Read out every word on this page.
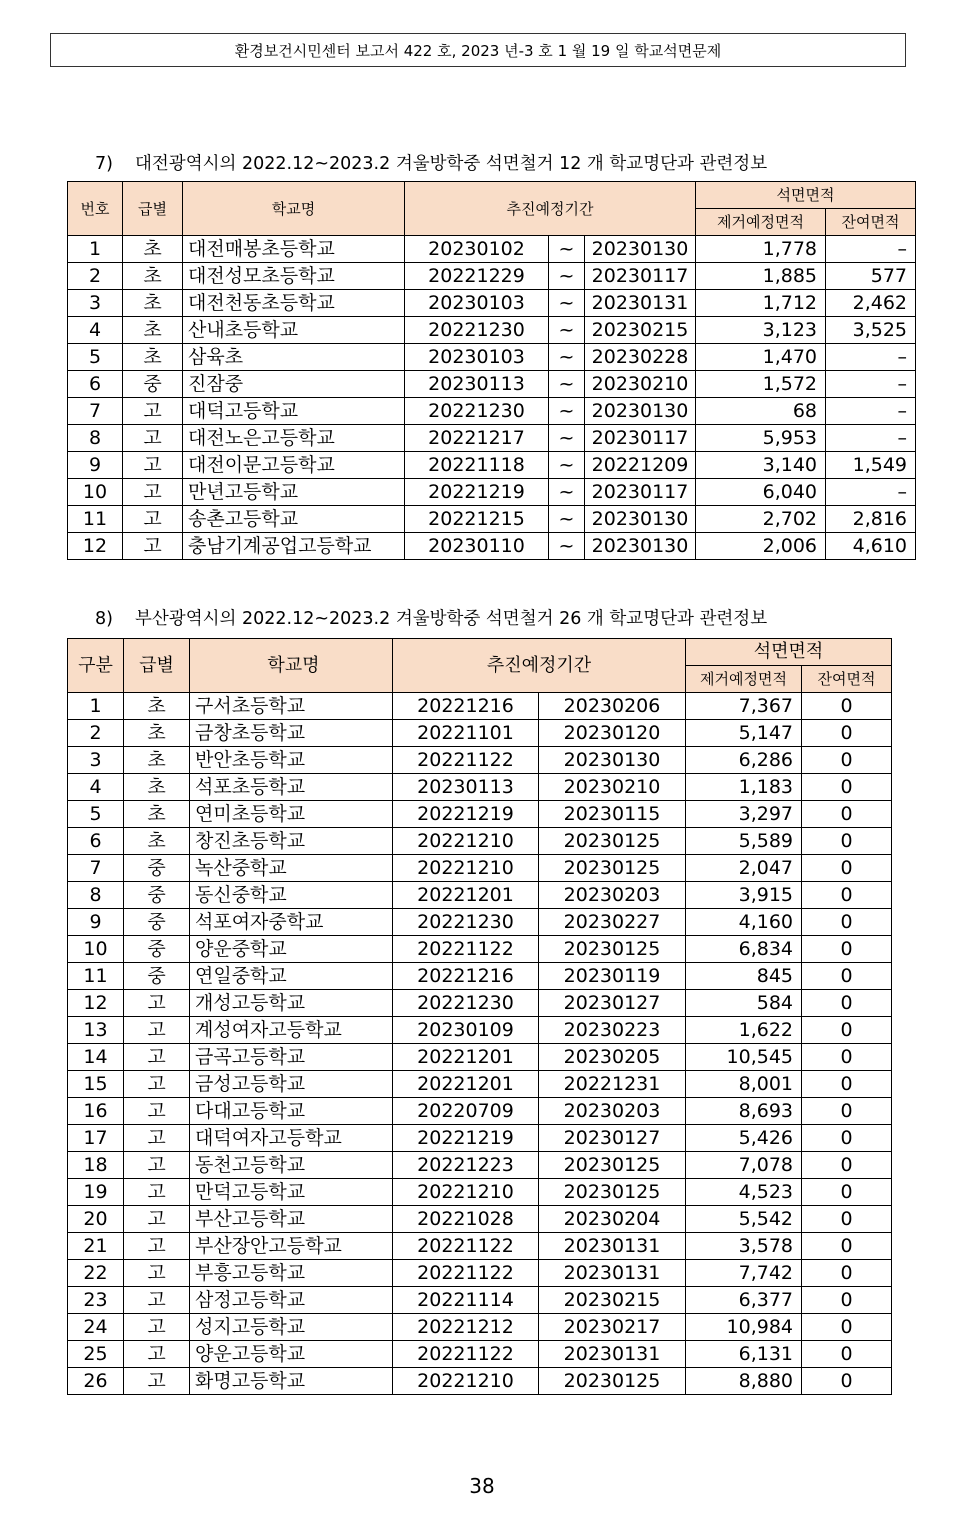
환경보건시민센터 보고서 422 호, 2023 년-3 호 1 월 19 일 학교석면문제
7) 대전광역시의 2022.12~2023.2 겨울방학중 석면철거 12 개 학교명단과 관련정보
번호	급별	학교명	추진예정기간			석면면적	
						제거예정면적	잔여면적
1	초	대전매봉초등학교	20230102	~	20230130	1,778	–
2	초	대전성모초등학교	20221229	~	20230117	1,885	577
3	초	대전천동초등학교	20230103	~	20230131	1,712	2,462
4	초	산내초등학교	20221230	~	20230215	3,123	3,525
5	초	삼육초	20230103	~	20230228	1,470	–
6	중	진잠중	20230113	~	20230210	1,572	–
7	고	대덕고등학교	20221230	~	20230130	68	–
8	고	대전노은고등학교	20221217	~	20230117	5,953	–
9	고	대전이문고등학교	20221118	~	20221209	3,140	1,549
10	고	만년고등학교	20221219	~	20230117	6,040	–
11	고	송촌고등학교	20221215	~	20230130	2,702	2,816
12	고	충남기계공업고등학교	20230110	~	20230130	2,006	4,610
8) 부산광역시의 2022.12~2023.2 겨울방학중 석면철거 26 개 학교명단과 관련정보
구분	급별	학교명	추진예정기간		석면면적	
					제거예정면적	잔여면적
1	초	구서초등학교	20221216	20230206	7,367	0
2	초	금창초등학교	20221101	20230120	5,147	0
3	초	반안초등학교	20221122	20230130	6,286	0
4	초	석포초등학교	20230113	20230210	1,183	0
5	초	연미초등학교	20221219	20230115	3,297	0
6	초	창진초등학교	20221210	20230125	5,589	0
7	중	녹산중학교	20221210	20230125	2,047	0
8	중	동신중학교	20221201	20230203	3,915	0
9	중	석포여자중학교	20221230	20230227	4,160	0
10	중	양운중학교	20221122	20230125	6,834	0
11	중	연일중학교	20221216	20230119	845	0
12	고	개성고등학교	20221230	20230127	584	0
13	고	계성여자고등학교	20230109	20230223	1,622	0
14	고	금곡고등학교	20221201	20230205	10,545	0
15	고	금성고등학교	20221201	20221231	8,001	0
16	고	다대고등학교	20220709	20230203	8,693	0
17	고	대덕여자고등학교	20221219	20230127	5,426	0
18	고	동천고등학교	20221223	20230125	7,078	0
19	고	만덕고등학교	20221210	20230125	4,523	0
20	고	부산고등학교	20221028	20230204	5,542	0
21	고	부산장안고등학교	20221122	20230131	3,578	0
22	고	부흥고등학교	20221122	20230131	7,742	0
23	고	삼정고등학교	20221114	20230215	6,377	0
24	고	성지고등학교	20221212	20230217	10,984	0
25	고	양운고등학교	20221122	20230131	6,131	0
26	고	화명고등학교	20221210	20230125	8,880	0
38
